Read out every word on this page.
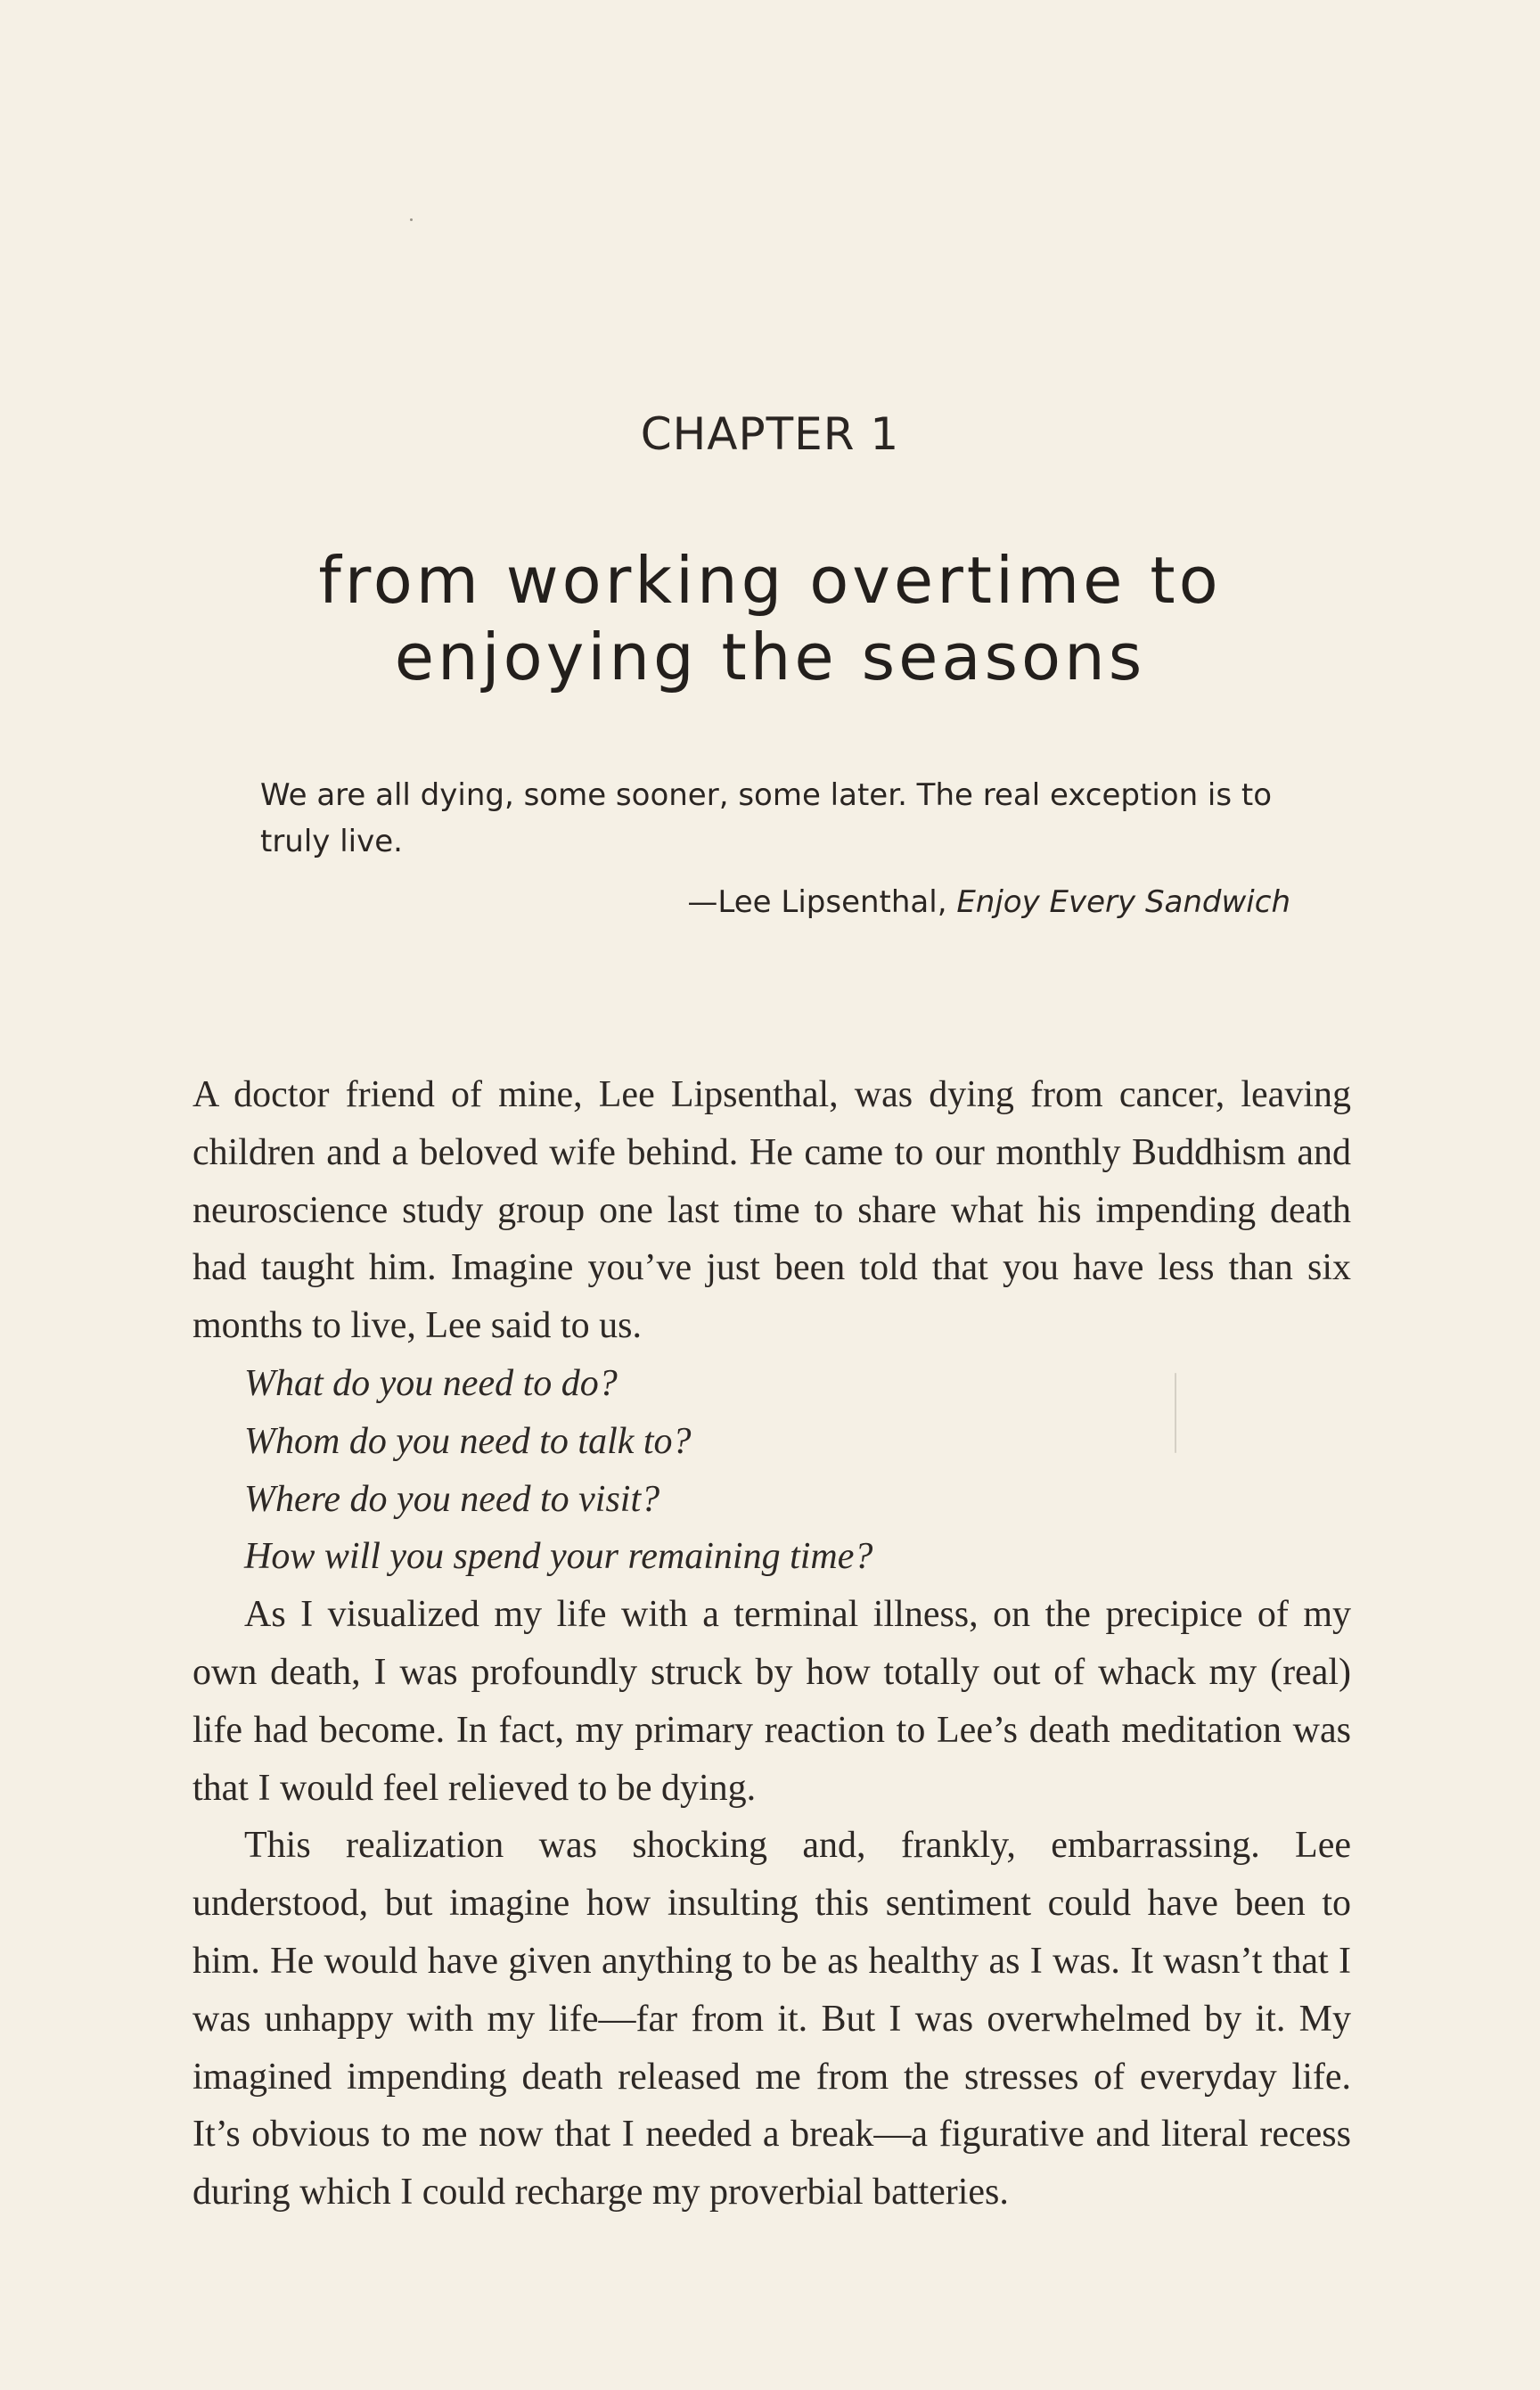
CHAPTER 1
from working overtime to
enjoying the seasons
We are all dying, some sooner, some later. The real exception is to truly live.
—Lee Lipsenthal, Enjoy Every Sandwich

A doctor friend of mine, Lee Lipsenthal, was dying from cancer, leaving children and a beloved wife behind. He came to our monthly Buddhism and neuroscience study group one last time to share what his impending death had taught him. Imagine you’ve just been told that you have less than six months to live, Lee said to us.

What do you need to do?

Whom do you need to talk to?

Where do you need to visit?

How will you spend your remaining time?

As I visualized my life with a terminal illness, on the precipice of my own death, I was profoundly struck by how totally out of whack my (real) life had become. In fact, my primary reaction to Lee’s death meditation was that I would feel relieved to be dying.

This realization was shocking and, frankly, embarrassing. Lee understood, but imagine how insulting this sentiment could have been to him. He would have given anything to be as healthy as I was. It wasn’t that I was unhappy with my life—far from it. But I was overwhelmed by it. My imagined impending death released me from the stresses of everyday life. It’s obvious to me now that I needed a break—a figurative and literal recess during which I could recharge my proverbial batteries.
